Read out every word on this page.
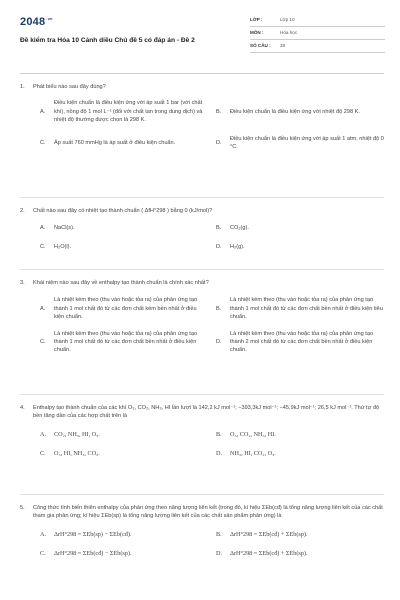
$2048^{.vn}$
Đề kiểm tra Hóa 10 Cánh diều Chủ đề 5 có đáp án - Đề 2
LỚP :	Lớp 10
MÔN :	Hóa học
SỐ CÂU :	28
1.	Phát biểu nào sau đây đúng?
A.
Điều kiện chuẩn là điều kiện ứng với áp suất 1 bar (với chất khí), nồng độ 1 mol L⁻¹ (đối với chất tan trong dung dịch) và nhiệt độ thường được chọn là 298 K.
B.	Điều kiện chuẩn là điều kiện ứng với nhiệt độ 298 K.
C.	Áp suất 760 mmHg là áp suất ở điều kiện chuẩn.	D.
Điều kiện chuẩn là điều kiện ứng với áp suất 1 atm, nhiệt độ 0 °C.
2.	Chất nào sau đây có nhiệt tạo thành chuẩn ( ΔfH°298 ) bằng 0 (kJ/mol)?
A.	NaCl(s).	B.	CO₂(g).
C.	H₂O(l).	D.	H₂(g).
3.	Khái niệm nào sau đây về enthalpy tạo thành chuẩn là chính xác nhất?
A.
Là nhiệt kèm theo (thu vào hoặc tỏa ra) của phản ứng tạo thành 1 mol chất đó từ các đơn chất kém bền nhất ở điều kiện chuẩn.
B.
Là nhiệt kèm theo (thu vào hoặc tỏa ra) của phản ứng tạo thành 1 mol chất đó từ các đơn chất bền nhất ở điều kiện tiêu chuẩn.
C.
Là nhiệt kèm theo (thu vào hoặc tỏa ra) của phản ứng tạo thành 1 mol chất đó từ các đơn chất bền nhất ở điều kiện chuẩn.
D.
Là nhiệt kèm theo (thu vào hoặc tỏa ra) của phản ứng tạo thành 2 mol chất đó từ các đơn chất bền nhất ở điều kiện chuẩn.
4.	Enthalpy tạo thành chuẩn của các khí O₃, CO₂, NH₃, HI lần lượt là 142,2 kJ mol⁻¹; −393,3kJ mol⁻¹; −45,9kJ mol⁻¹; 26,5 kJ mol⁻¹. Thứ tự độ bền tăng dần của các hợp chất trên là
A.	CO₂, NH₃, HI, O₃.	B.	O₃, CO₂, NH₃, HI.
C.	O₃, HI, NH₃, CO₂.	D.	NH₃, HI, CO₂, O₃.
5.	Công thức tính biến thiên enthalpy của phản ứng theo năng lượng liên kết (trong đó, kí hiệu ΣEb(cđ) là tổng năng lượng liên kết của các chất tham gia phản ứng; kí hiệu ΣEb(sp) là tổng năng lượng liên kết của các chất sản phẩm phản ứng) là
A.	ΔrH°298 = ΣEb(sp) − ΣEb(cđ).	B.	ΔrH°298 = ΣEb(cđ) + ΣEb(sp).
C.	ΔrH°298 = ΣEb(cđ) − ΣEb(sp).	D.	ΔrH°298 = ΣEb(cđ) + ΣEb(sp).
